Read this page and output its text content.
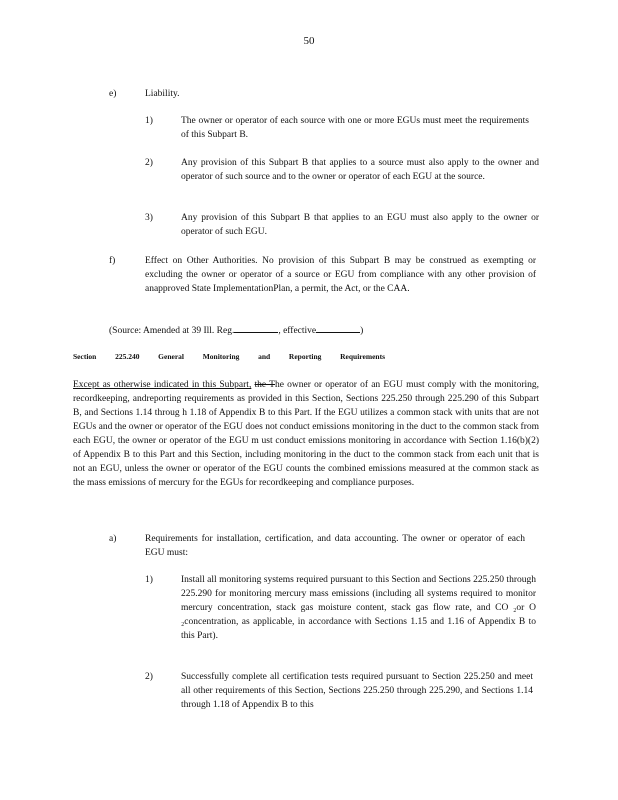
50
e)	Liability.
1)	The owner or operator of each source with one or more EGUs must meet the requirements of this Subpart B.
2)	Any provision of this Subpart B that applies to a source must also apply to the owner and operator of such source and to the owner or operator of each EGU at the source.
3)	Any provision of this Subpart B that applies to an EGU must also apply to the owner or operator of such EGU.
f)	Effect on Other Authorities. No provision of this Subpart B may be construed as exempting or excluding the owner or operator of a source or EGU from compliance with any other provision of anapproved State ImplementationPlan, a permit, the Act, or the CAA.
(Source: Amended at 39 Ill. Reg.	, effective	)
Section 225.240 General Monitoring and Reporting Requirements
Except as otherwise indicated in this Subpart, the The owner or operator of an EGU must comply with the monitoring, recordkeeping, andreporting requirements as provided in this Section, Sections 225.250 through 225.290 of this Subpart B, and Sections 1.14 throug h 1.18 of Appendix B to this Part. If the EGU utilizes a common stack with units that are not EGUs and the owner or operator of the EGU does not conduct emissions monitoring in the duct to the common stack from each EGU, the owner or operator of the EGU m ust conduct emissions monitoring in accordance with Section 1.16(b)(2) of Appendix B to this Part and this Section, including monitoring in the duct to the common stack from each unit that is not an EGU, unless the owner or operator of the EGU counts the combined emissions measured at the common stack as the mass emissions of mercury for the EGUs for recordkeeping and compliance purposes.
a)	Requirements for installation, certification, and data accounting. The owner or operator of each EGU must:
1)	Install all monitoring systems required pursuant to this Section and Sections 225.250 through 225.290 for monitoring mercury mass emissions (including all systems required to monitor mercury concentration, stack gas moisture content, stack gas flow rate, and CO ₂or O ₂concentration, as applicable, in accordance with Sections 1.15 and 1.16 of Appendix B to this Part).
2)	Successfully complete all certification tests required pursuant to Section 225.250 and meet all other requirements of this Section, Sections 225.250 through 225.290, and Sections 1.14 through 1.18 of Appendix B to this
